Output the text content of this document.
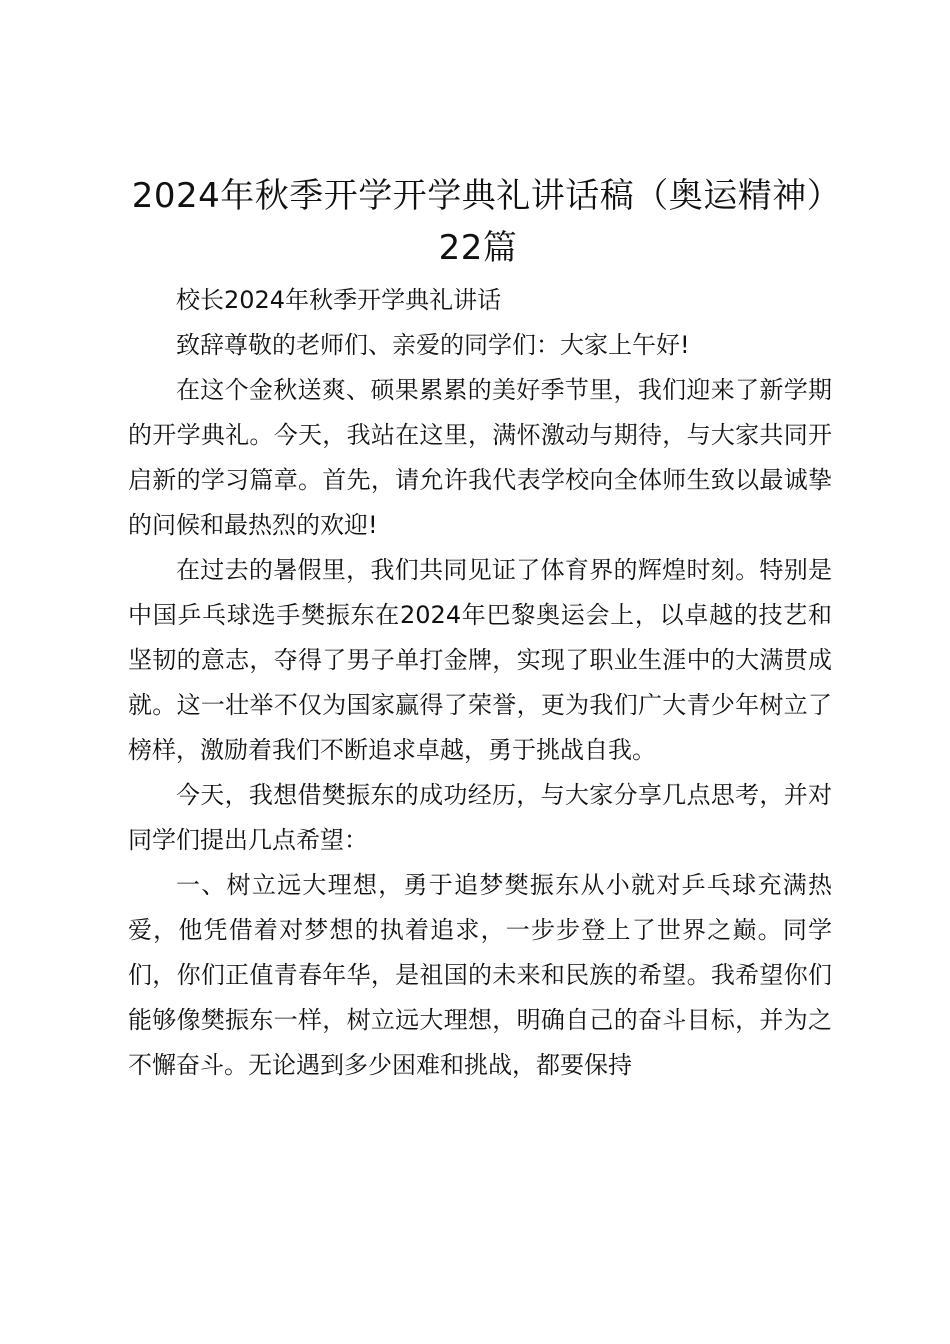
2024年秋季开学开学典礼讲话稿（奥运精神）22篇

校长2024年秋季开学典礼讲话

致辞尊敬的老师们、亲爱的同学们：大家上午好!

在这个金秋送爽、硕果累累的美好季节里，我们迎来了新学期的开学典礼。今天，我站在这里，满怀激动与期待，与大家共同开启新的学习篇章。首先，请允许我代表学校向全体师生致以最诚挚的问候和最热烈的欢迎!

在过去的暑假里，我们共同见证了体育界的辉煌时刻。特别是中国乒乓球选手樊振东在2024年巴黎奥运会上，以卓越的技艺和坚韧的意志，夺得了男子单打金牌，实现了职业生涯中的大满贯成就。这一壮举不仅为国家赢得了荣誉，更为我们广大青少年树立了榜样，激励着我们不断追求卓越，勇于挑战自我。

今天，我想借樊振东的成功经历，与大家分享几点思考，并对同学们提出几点希望：

一、树立远大理想，勇于追梦樊振东从小就对乒乓球充满热爱，他凭借着对梦想的执着追求，一步步登上了世界之巅。同学们，你们正值青春年华，是祖国的未来和民族的希望。我希望你们能够像樊振东一样，树立远大理想，明确自己的奋斗目标，并为之不懈奋斗。无论遇到多少困难和挑战，都要保持
